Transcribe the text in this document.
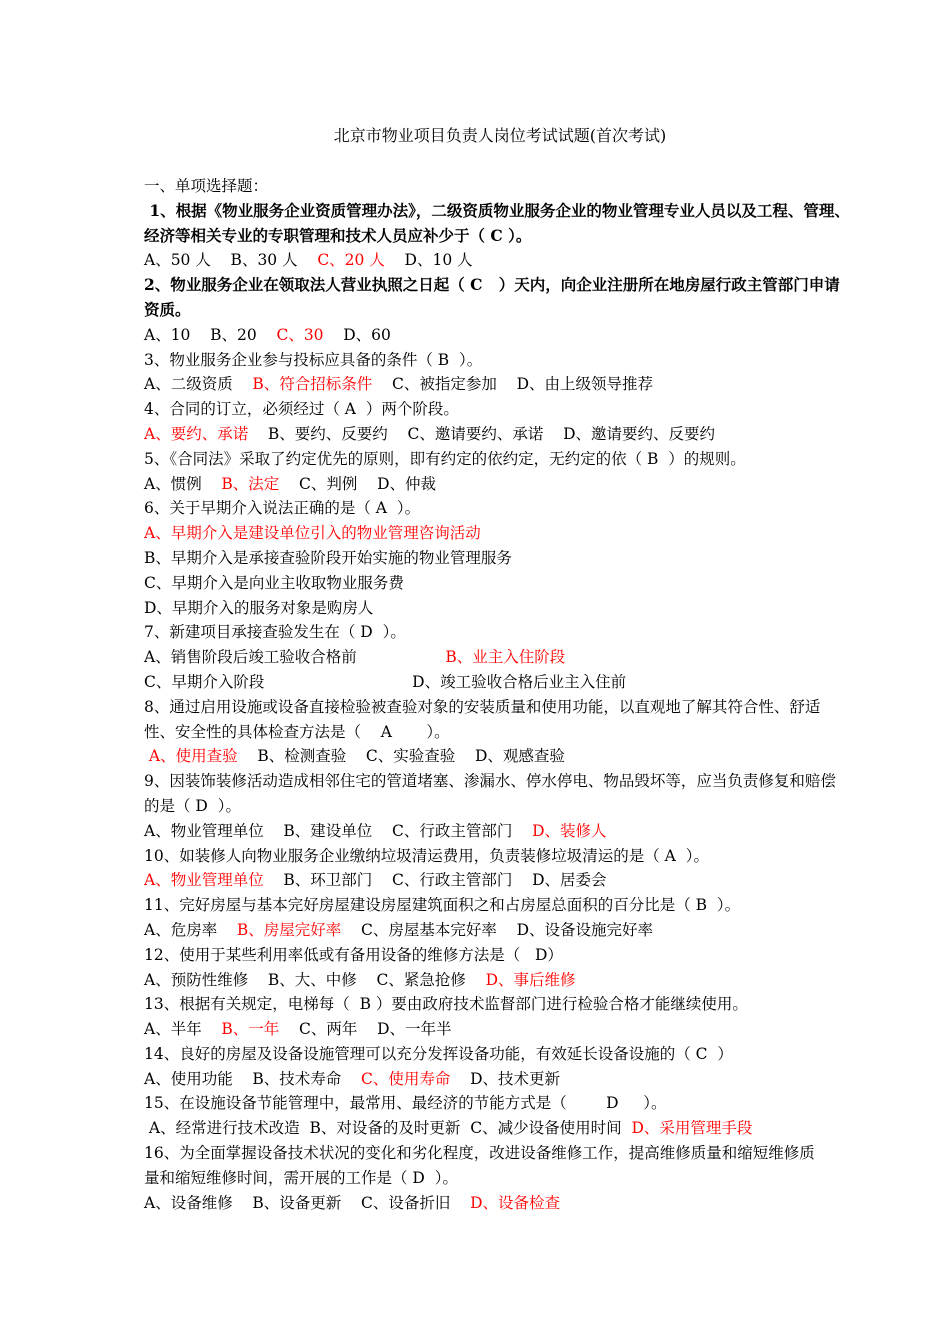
北京市物业项目负责人岗位考试试题(首次考试)
一、单项选择题：
1、根据《物业服务企业资质管理办法》，二级资质物业服务企业的物业管理专业人员以及工程、管理、
经济等相关专业的专职管理和技术人员应补少于（ C ）。
A、50 人    B、30 人    C、20 人    D、10 人
2、物业服务企业在领取法人营业执照之日起（ C   ）天内，向企业注册所在地房屋行政主管部门申请
资质。
A、10    B、20    C、30    D、60
3、物业服务企业参与投标应具备的条件（ B  ）。
A、二级资质    B、符合招标条件    C、被指定参加    D、由上级领导推荐
4、合同的订立，必须经过（ A  ）两个阶段。
A、要约、承诺    B、要约、反要约    C、邀请要约、承诺    D、邀请要约、反要约
5、《合同法》采取了约定优先的原则，即有约定的依约定，无约定的依（ B  ）的规则。
A、惯例    B、法定    C、判例    D、仲裁
6、关于早期介入说法正确的是（ A  ）。
A、早期介入是建设单位引入的物业管理咨询活动
B、早期介入是承接查验阶段开始实施的物业管理服务
C、早期介入是向业主收取物业服务费
D、早期介入的服务对象是购房人
7、新建项目承接查验发生在（ D  ）。
A、销售阶段后竣工验收合格前                  B、业主入住阶段
C、早期介入阶段                              D、竣工验收合格后业主入住前
8、通过启用设施或设备直接检验被查验对象的安装质量和使用功能，以直观地了解其符合性、舒适
性、安全性的具体检查方法是（    A       ）。
A、使用查验    B、检测查验    C、实验查验    D、观感查验
9、因装饰装修活动造成相邻住宅的管道堵塞、渗漏水、停水停电、物品毁坏等，应当负责修复和赔偿
的是（ D  ）。
A、物业管理单位    B、建设单位    C、行政主管部门    D、装修人
10、如装修人向物业服务企业缴纳垃圾清运费用，负责装修垃圾清运的是（ A  ）。
A、物业管理单位    B、环卫部门    C、行政主管部门    D、居委会
11、完好房屋与基本完好房屋建设房屋建筑面积之和占房屋总面积的百分比是（ B  ）。
A、危房率    B、房屋完好率    C、房屋基本完好率    D、设备设施完好率
12、使用于某些利用率低或有备用设备的维修方法是（   D）
A、预防性维修    B、大、中修    C、紧急抢修    D、事后维修
13、根据有关规定，电梯每（  B ）要由政府技术监督部门进行检验合格才能继续使用。
A、半年    B、一年    C、两年    D、一年半
14、良好的房屋及设备设施管理可以充分发挥设备功能，有效延长设备设施的（ C  ）
A、使用功能    B、技术寿命    C、使用寿命    D、技术更新
15、在设施设备节能管理中，最常用、最经济的节能方式是（        D     ）。
A、经常进行技术改造  B、对设备的及时更新  C、减少设备使用时间  D、采用管理手段
16、为全面掌握设备技术状况的变化和劣化程度，改进设备维修工作，提高维修质量和缩短维修质
量和缩短维修时间，需开展的工作是（ D  ）。
A、设备维修    B、设备更新    C、设备折旧    D、设备检查
